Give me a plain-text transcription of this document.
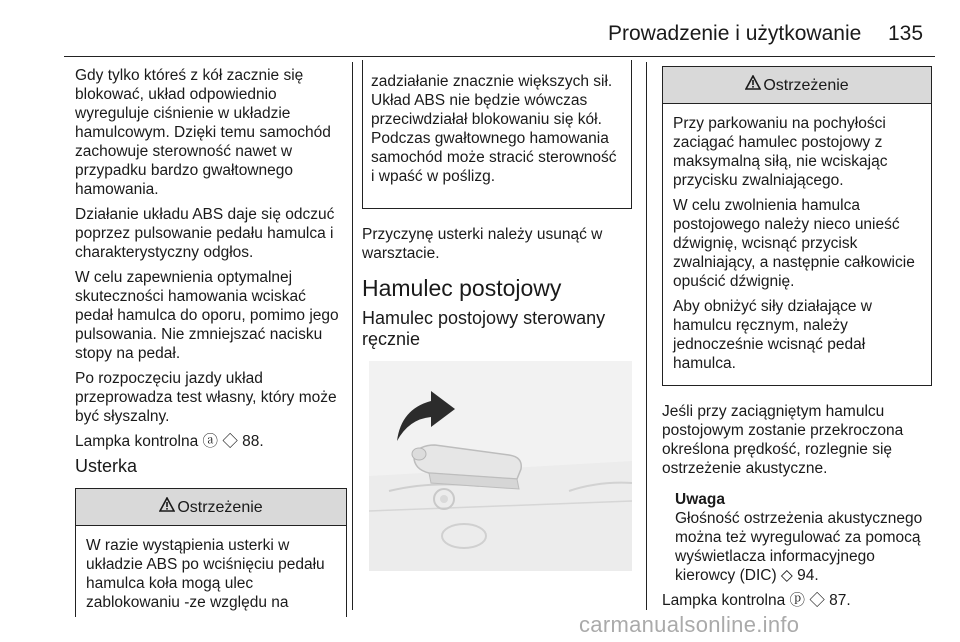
Prowadzenie i użytkowanie 135

Gdy tylko któreś z kół zacznie się blokować, układ odpowiednio wyreguluje ciśnienie w układzie hamulcowym. Dzięki temu samochód zachowuje sterowność nawet w przypadku bardzo gwałtownego hamowania.

Działanie układu ABS daje się odczuć poprzez pulsowanie pedału hamulca i charakterystyczny odgłos.

W celu zapewnienia optymalnej skuteczności hamowania wciskać pedał hamulca do oporu, pomimo jego pulsowania. Nie zmniejszać nacisku stopy na pedał.

Po rozpoczęciu jazdy układ przeprowadza test własny, który może być słyszalny.

Lampka kontrolna ⓐ ◇ 88.

Usterka
Ostrzeżenie
W razie wystąpienia usterki w układzie ABS po wciśnięciu pedału hamulca koła mogą ulec zablokowaniu -ze względu na
zadziałanie znacznie większych sił. Układ ABS nie będzie wówczas przeciwdziałał blokowaniu się kół. Podczas gwałtownego hamowania samochód może stracić sterowność i wpaść w poślizg.

Przyczynę usterki należy usunąć w warsztacie.

Hamulec postojowy
Hamulec postojowy sterowany ręcznie
Ostrzeżenie

Przy parkowaniu na pochyłości zaciągać hamulec postojowy z maksymalną siłą, nie wciskając przycisku zwalniającego.

W celu zwolnienia hamulca postojowego należy nieco unieść dźwignię, wcisnąć przycisk zwalniający, a następnie całkowicie opuścić dźwignię.

Aby obniżyć siły działające w hamulcu ręcznym, należy jednocześnie wcisnąć pedał hamulca.

Jeśli przy zaciągniętym hamulcu postojowym zostanie przekroczona określona prędkość, rozlegnie się ostrzeżenie akustyczne.

Uwaga
Głośność ostrzeżenia akustycznego można też wyregulować za pomocą wyświetlacza informacyjnego kierowcy (DIC) ◇ 94.

Lampka kontrolna ⓟ ◇ 87.

carmanualsonline.info
